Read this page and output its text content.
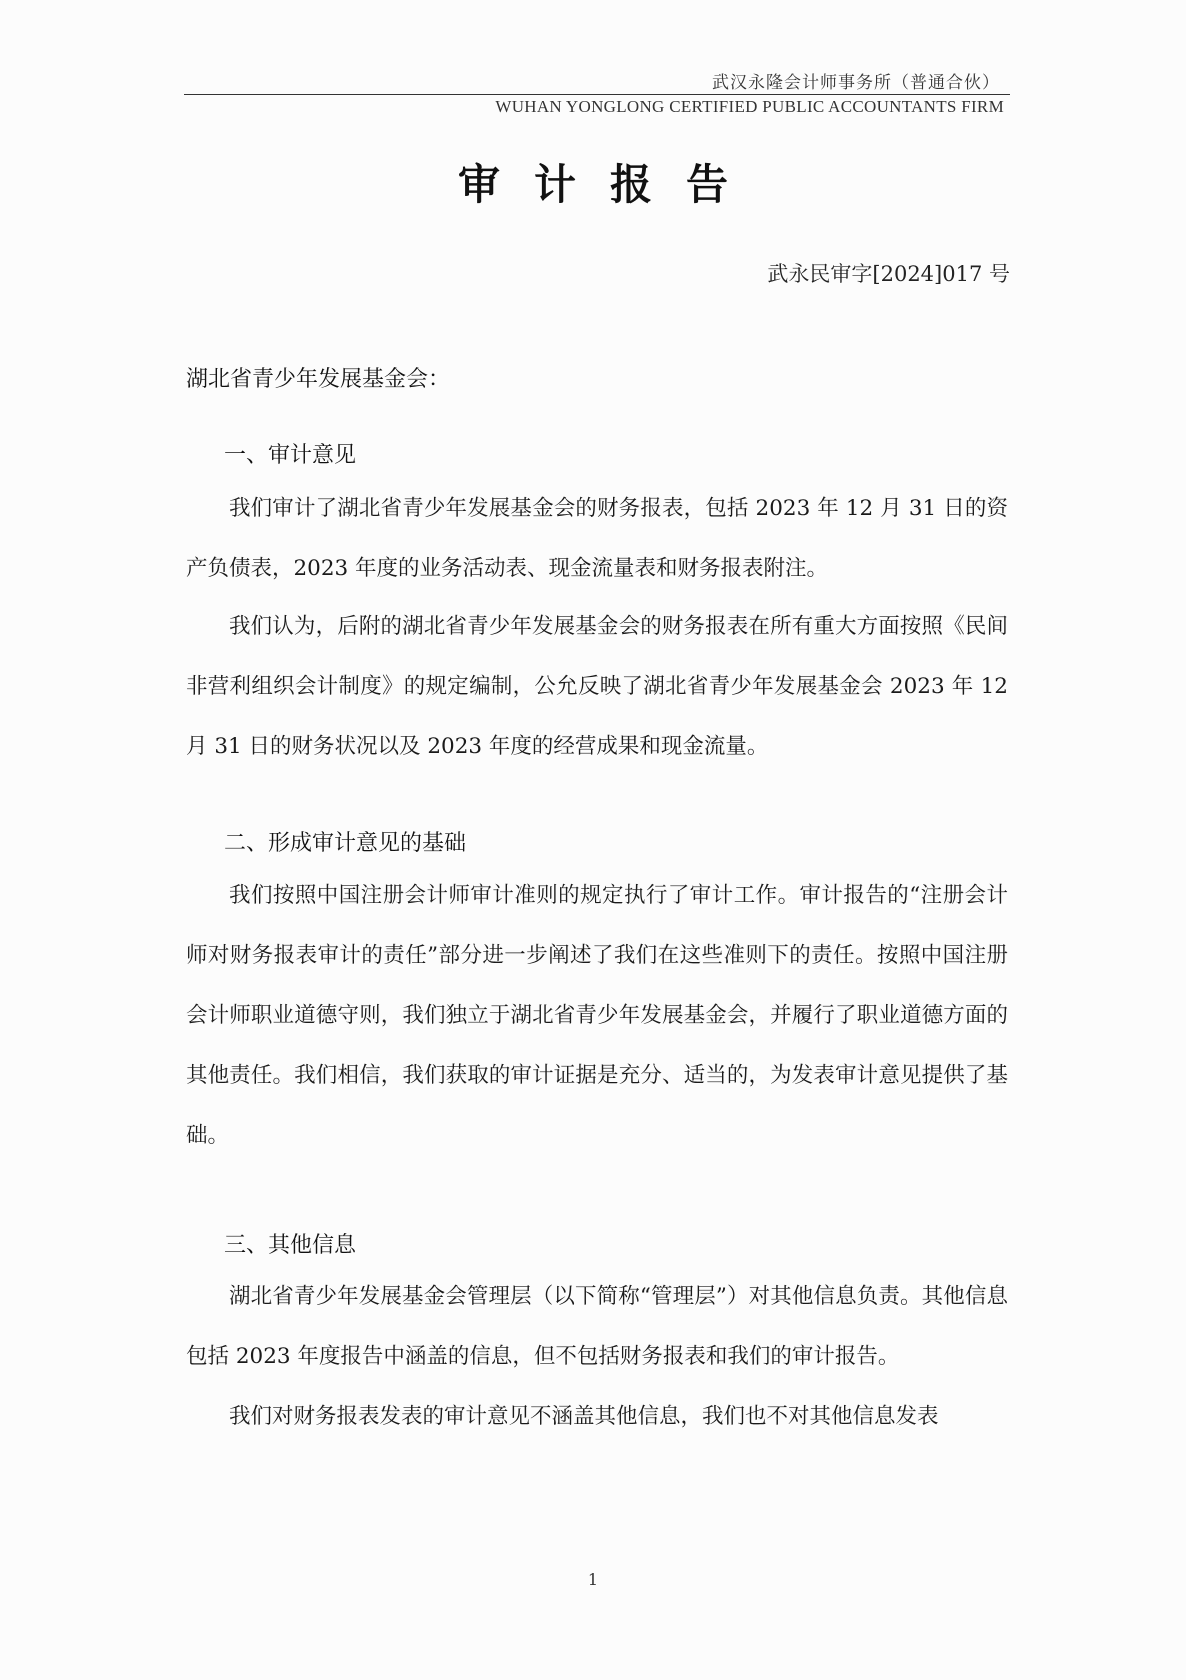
武汉永隆会计师事务所（普通合伙）
WUHAN YONGLONG CERTIFIED PUBLIC ACCOUNTANTS FIRM
审计报告
武永民审字[2024]017 号
湖北省青少年发展基金会：
一、审计意见

我们审计了湖北省青少年发展基金会的财务报表，包括 2023 年 12 月 31 日的资产负债表，2023 年度的业务活动表、现金流量表和财务报表附注。

我们认为，后附的湖北省青少年发展基金会的财务报表在所有重大方面按照《民间非营利组织会计制度》的规定编制，公允反映了湖北省青少年发展基金会 2023 年 12 月 31 日的财务状况以及 2023 年度的经营成果和现金流量。

二、形成审计意见的基础

我们按照中国注册会计师审计准则的规定执行了审计工作。审计报告的“注册会计师对财务报表审计的责任”部分进一步阐述了我们在这些准则下的责任。按照中国注册会计师职业道德守则，我们独立于湖北省青少年发展基金会，并履行了职业道德方面的其他责任。我们相信，我们获取的审计证据是充分、适当的，为发表审计意见提供了基础。

三、其他信息

湖北省青少年发展基金会管理层（以下简称“管理层”）对其他信息负责。其他信息包括 2023 年度报告中涵盖的信息，但不包括财务报表和我们的审计报告。

我们对财务报表发表的审计意见不涵盖其他信息，我们也不对其他信息发表

1
